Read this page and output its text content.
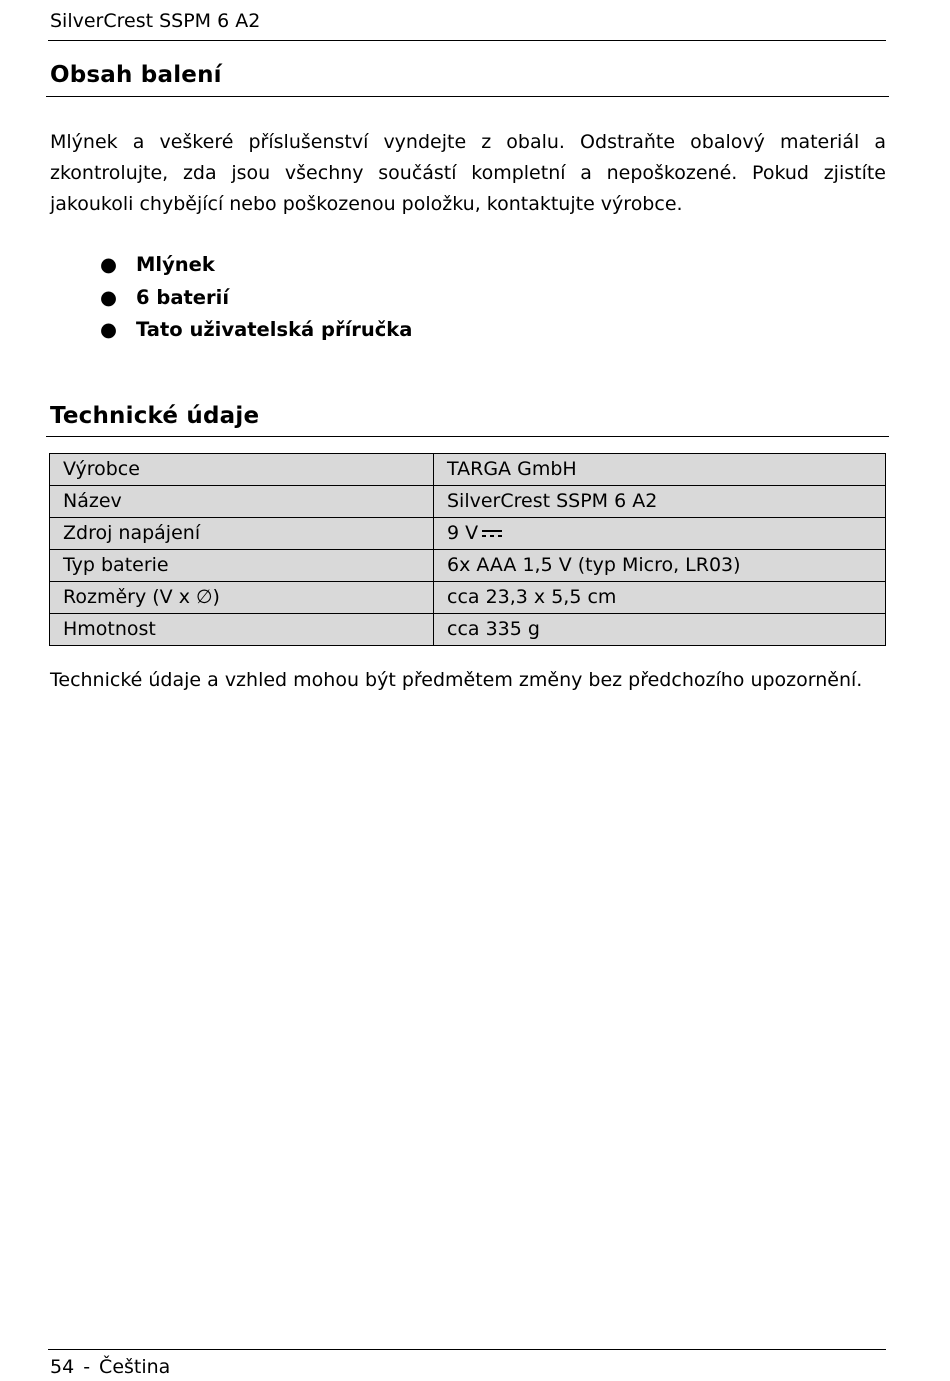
SilverCrest SSPM 6 A2
Obsah balení

Mlýnek a veškeré příslušenství vyndejte z obalu. Odstraňte obalový materiál a zkontrolujte, zda jsou všechny součástí kompletní a nepoškozené. Pokud zjistíte jakoukoli chybějící nebo poškozenou položku, kontaktujte výrobce.

● Mlýnek
● 6 baterií
● Tato uživatelská příručka
Technické údaje
Výrobce	TARGA GmbH
Název	SilverCrest SSPM 6 A2
Zdroj napájení	9 V
Typ baterie	6x AAA 1,5 V (typ Micro, LR03)
Rozměry (V x ∅)	cca 23,3 x 5,5 cm
Hmotnost	cca 335 g

Technické údaje a vzhled mohou být předmětem změny bez předchozího upozornění.

54 - Čeština
